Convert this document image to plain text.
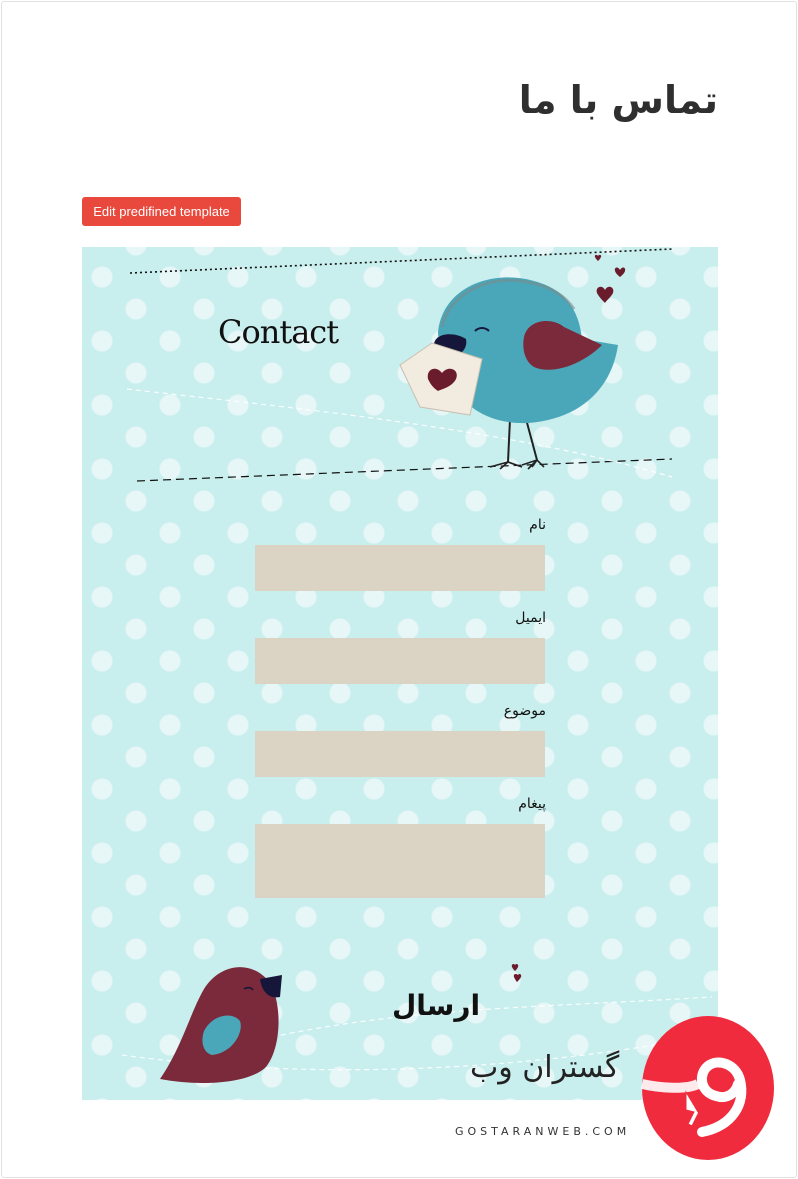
تماس با ما
Edit predifined template
Contact
نام
ایمیل
موضوع
پیغام
ارسال
گستران وب
GOSTARANWEB.COM
